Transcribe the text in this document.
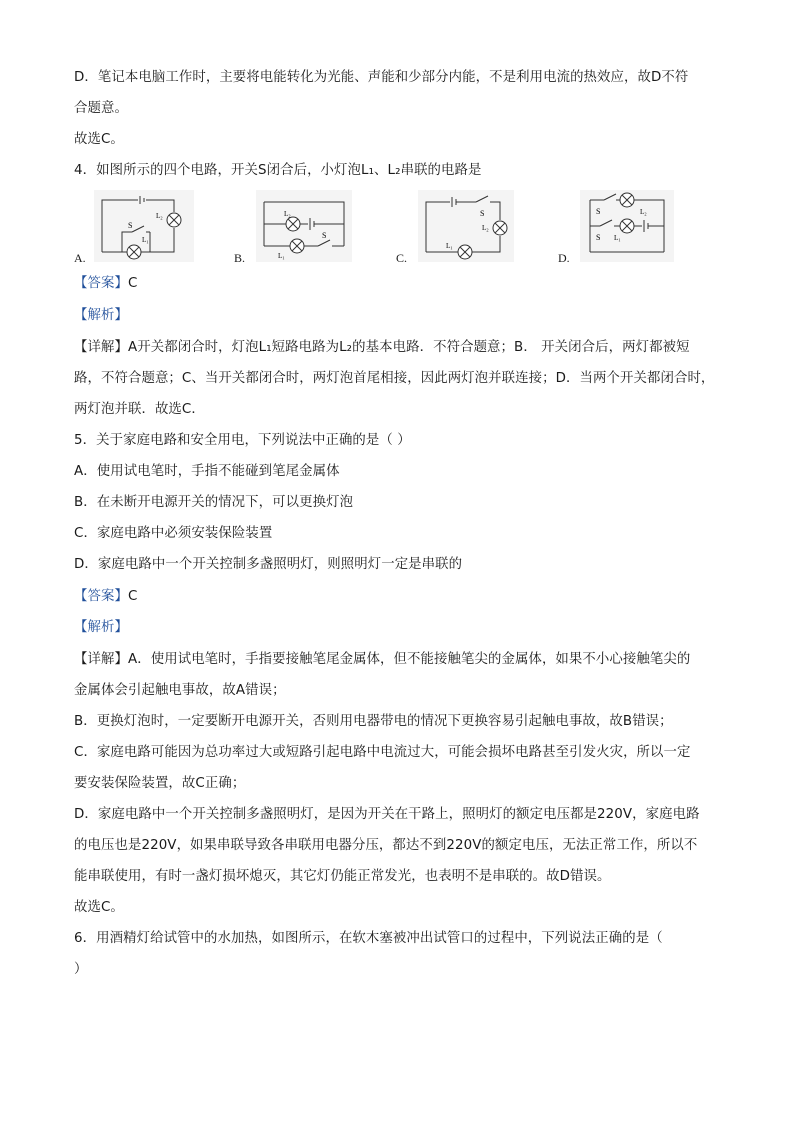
D．笔记本电脑工作时，主要将电能转化为光能、声能和少部分内能，不是利用电流的热效应，故D不符
合题意。
故选C。
4．如图所示的四个电路，开关S闭合后，小灯泡L₁、L₂串联的电路是
A.
S
L₂
L₁
B.
L₂
L₁
S
C.
S
L₂
L₁
D.
S	L₂
S L₁
【答案】C
【解析】
【详解】A开关都闭合时，灯泡L₁短路电路为L₂的基本电路．不符合题意；B． 开关闭合后，两灯都被短
路，不符合题意；C、当开关都闭合时，两灯泡首尾相接，因此两灯泡并联连接；D．当两个开关都闭合时，
两灯泡并联．故选C．
5．关于家庭电路和安全用电，下列说法中正确的是（ ）
A．使用试电笔时，手指不能碰到笔尾金属体
B．在未断开电源开关的情况下，可以更换灯泡
C．家庭电路中必须安装保险装置
D．家庭电路中一个开关控制多盏照明灯，则照明灯一定是串联的
【答案】C
【解析】
【详解】A．使用试电笔时，手指要接触笔尾金属体，但不能接触笔尖的金属体，如果不小心接触笔尖的
金属体会引起触电事故，故A错误；
B．更换灯泡时，一定要断开电源开关，否则用电器带电的情况下更换容易引起触电事故，故B错误；
C．家庭电路可能因为总功率过大或短路引起电路中电流过大，可能会损坏电路甚至引发火灾，所以一定
要安装保险装置，故C正确；
D．家庭电路中一个开关控制多盏照明灯，是因为开关在干路上，照明灯的额定电压都是220V，家庭电路
的电压也是220V，如果串联导致各串联用电器分压，都达不到220V的额定电压，无法正常工作，所以不
能串联使用，有时一盏灯损坏熄灭，其它灯仍能正常发光，也表明不是串联的。故D错误。
故选C。
6．用酒精灯给试管中的水加热，如图所示，在软木塞被冲出试管口的过程中，下列说法正确的是（
）
